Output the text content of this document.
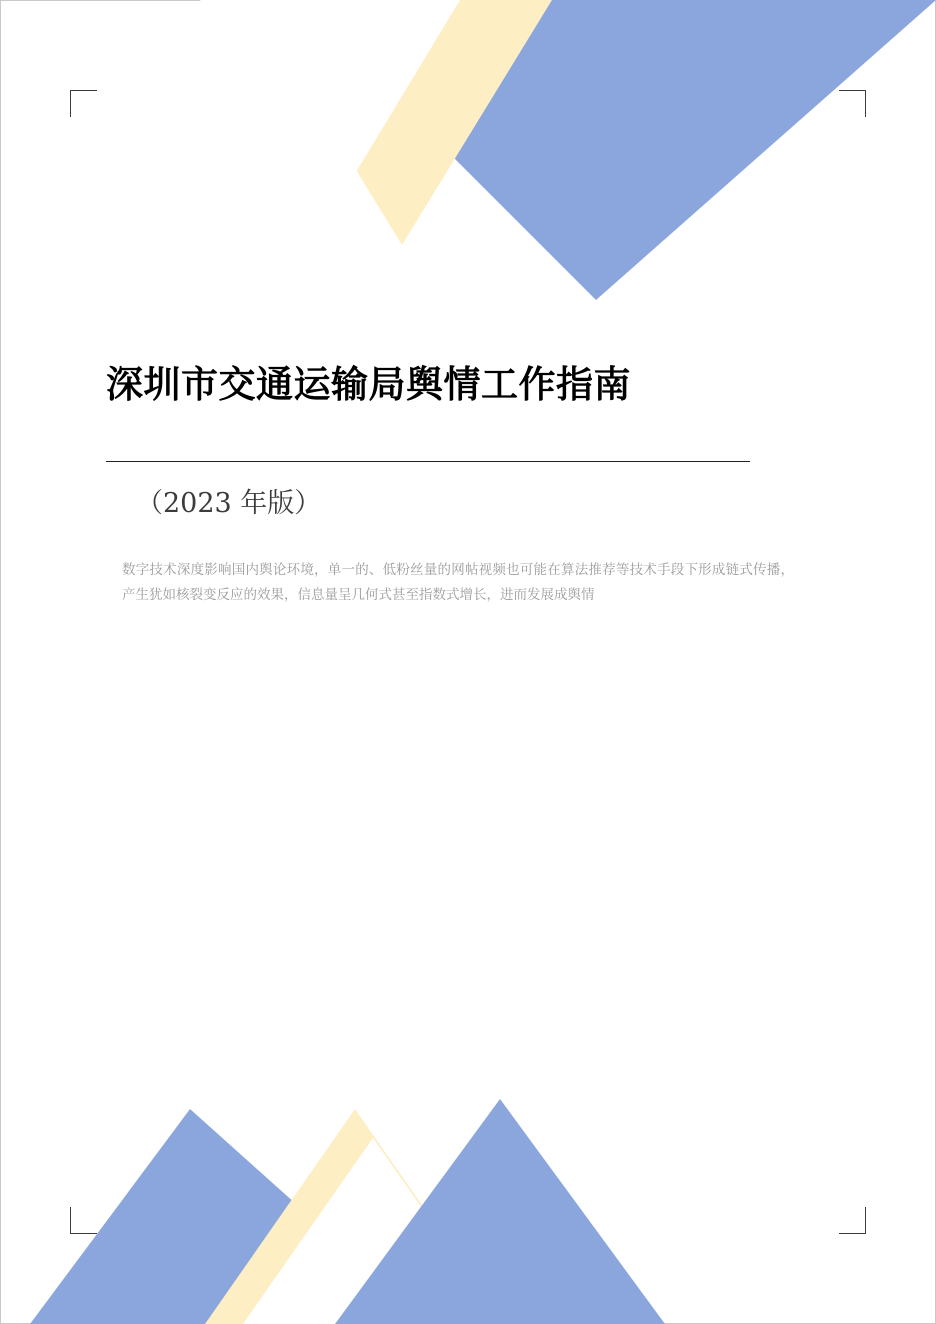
深圳市交通运输局舆情工作指南
（2023 年版）
数字技术深度影响国内舆论环境，单一的、低粉丝量的网帖视频也可能在算法推荐等技术手段下形成链式传播，产生犹如核裂变反应的效果，信息量呈几何式甚至指数式增长，进而发展成舆情
